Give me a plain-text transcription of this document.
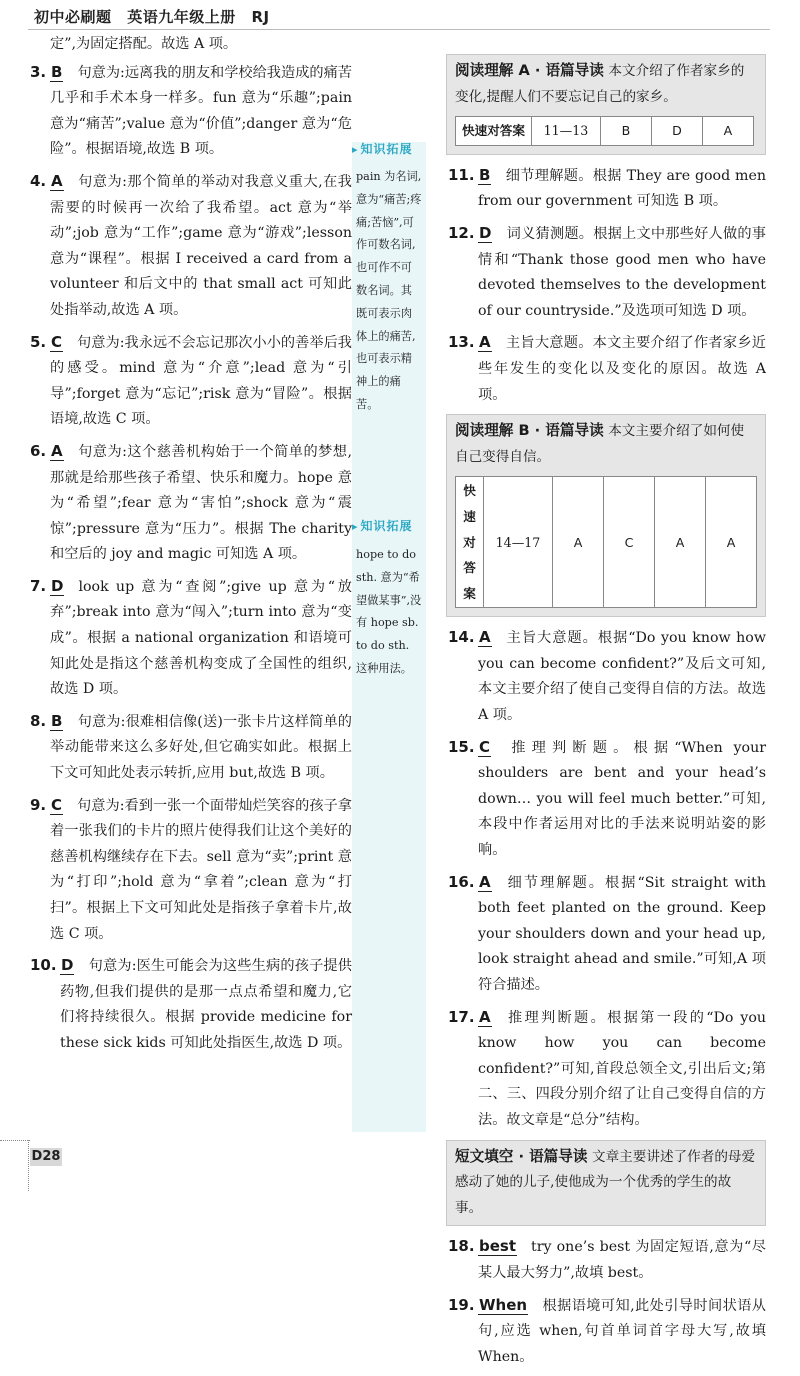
初中必刷题 英语九年级上册 RJ
▸ 知识拓展
pain 为名词,意为“痛苦;疼痛;苦恼”,可作可数名词,也可作不可数名词。其既可表示肉体上的痛苦,也可表示精神上的痛苦。
▸ 知识拓展
hope to do sth. 意为“希望做某事”,没有 hope sb. to do sth. 这种用法。
定”,为固定搭配。故选 A 项。
3. B 句意为:远离我的朋友和学校给我造成的痛苦几乎和手术本身一样多。fun 意为“乐趣”;pain 意为“痛苦”;value 意为“价值”;danger 意为“危险”。根据语境,故选 B 项。
4. A 句意为:那个简单的举动对我意义重大,在我需要的时候再一次给了我希望。act 意为“举动”;job 意为“工作”;game 意为“游戏”;lesson 意为“课程”。根据 I received a card from a volunteer 和后文中的 that small act 可知此处指举动,故选 A 项。
5. C 句意为:我永远不会忘记那次小小的善举后我的感受。mind 意为“介意”;lead 意为“引导”;forget 意为“忘记”;risk 意为“冒险”。根据语境,故选 C 项。
6. A 句意为:这个慈善机构始于一个简单的梦想,那就是给那些孩子希望、快乐和魔力。hope 意为“希望”;fear 意为“害怕”;shock 意为“震惊”;pressure 意为“压力”。根据 The charity 和空后的 joy and magic 可知选 A 项。
7. D look up 意为“查阅”;give up 意为“放弃”;break into 意为“闯入”;turn into 意为“变成”。根据 a national organization 和语境可知此处是指这个慈善机构变成了全国性的组织,故选 D 项。
8. B 句意为:很难相信像(送)一张卡片这样简单的举动能带来这么多好处,但它确实如此。根据上下文可知此处表示转折,应用 but,故选 B 项。
9. C 句意为:看到一张一个面带灿烂笑容的孩子拿着一张我们的卡片的照片使得我们让这个美好的慈善机构继续存在下去。sell 意为“卖”;print 意为“打印”;hold 意为“拿着”;clean 意为“打扫”。根据上下文可知此处是指孩子拿着卡片,故选 C 项。
10. D 句意为:医生可能会为这些生病的孩子提供药物,但我们提供的是那一点点希望和魔力,它们将持续很久。根据 provide medicine for these sick kids 可知此处指医生,故选 D 项。
阅读理解 A · 语篇导读 本文介绍了作者家乡的变化,提醒人们不要忘记自己的家乡。
快速对答案	11—13	B	D	A
11. B 细节理解题。根据 They are good men from our government 可知选 B 项。
12. D 词义猜测题。根据上文中那些好人做的事情和“Thank those good men who have devoted themselves to the development of our countryside.”及选项可知选 D 项。
13. A 主旨大意题。本文主要介绍了作者家乡近些年发生的变化以及变化的原因。故选 A 项。
阅读理解 B · 语篇导读 本文主要介绍了如何使自己变得自信。
快速对答案	14—17	A	C	A	A
14. A 主旨大意题。根据“Do you know how you can become confident?”及后文可知,本文主要介绍了使自己变得自信的方法。故选 A 项。
15. C 推理判断题。根据“When your shoulders are bent and your head’s down… you will feel much better.”可知,本段中作者运用对比的手法来说明站姿的影响。
16. A 细节理解题。根据“Sit straight with both feet planted on the ground. Keep your shoulders down and your head up, look straight ahead and smile.”可知,A 项符合描述。
17. A 推理判断题。根据第一段的“Do you know how you can become confident?”可知,首段总领全文,引出后文;第二、三、四段分别介绍了让自己变得自信的方法。故文章是“总分”结构。
短文填空 · 语篇导读 文章主要讲述了作者的母爱感动了她的儿子,使他成为一个优秀的学生的故事。
18. best try one’s best 为固定短语,意为“尽某人最大努力”,故填 best。
19. When 根据语境可知,此处引导时间状语从句,应选 when,句首单词首字母大写,故填 When。
D28
